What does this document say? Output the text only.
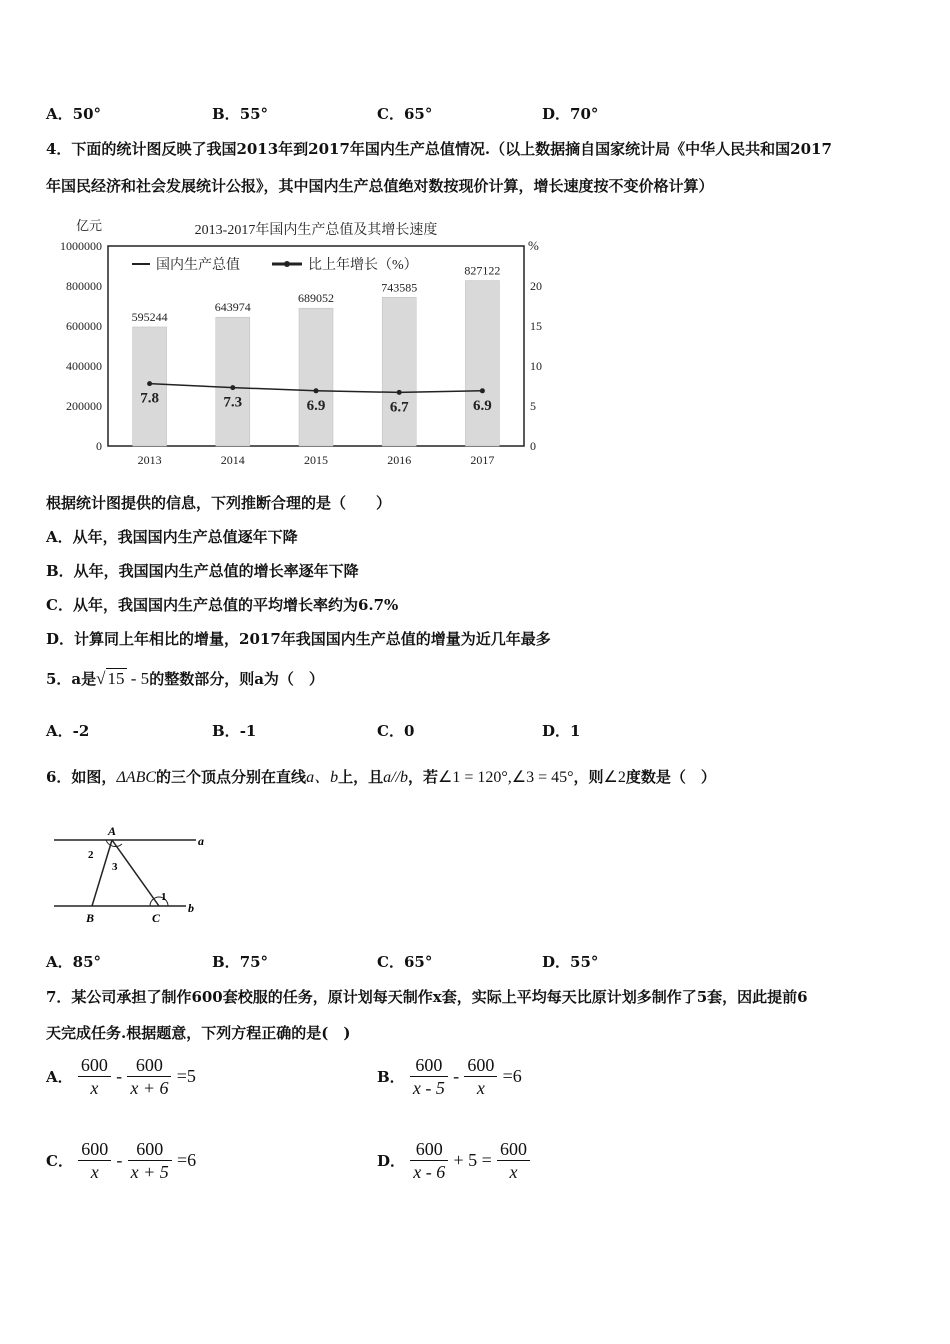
A．50°	B．55°	C．65°	D．70°
4．下面的统计图反映了我国2013年到2017年国内生产总值情况.（以上数据摘自国家统计局《中华人民共和国2017
年国民经济和社会发展统计公报》，其中国内生产总值绝对数按现价计算，增长速度按不变价格计算）
2013-2017年国内生产总值及其增长速度
亿元
%
1000000
800000
600000
400000
200000
0
20
15
10
5
0
国内生产总值	比上年增长（%）
595244
2013
643974
2014
689052
2015
743585
2016
827122
2017
7.8	7.3	6.9	6.7	6.9
根据统计图提供的信息，下列推断合理的是（　　）
A．从年，我国国内生产总值逐年下降
B．从年，我国国内生产总值的增长率逐年下降
C．从年，我国国内生产总值的平均增长率约为6.7%
D．计算同上年相比的增量，2017年我国国内生产总值的增量为近几年最多
5．a是√ 15 - 5的整数部分，则a为（　）
A．-2	B．-1	C．0	D．1
6．如图，ΔABC的三个顶点分别在直线a、b上，且a//b，若∠1 = 120°,∠3 = 45°，则∠2度数是（　）
A
B	C
a
b
1
2
3
A．85°	B．75°	C．65°	D．55°
7．某公司承担了制作600套校服的任务，原计划每天制作x套，实际上平均每天比原计划多制作了5套，因此提前6
天完成任务.根据题意，下列方程正确的是(　)
A． $\frac{600}{x} - \frac{600}{x + 6} =5$	B． $\frac{600}{x - 5} - \frac{600}{x} =6$
C． $\frac{600}{x} - \frac{600}{x + 5} =6$	D． $\frac{600}{x - 6} + 5 = \frac{600}{x}$
